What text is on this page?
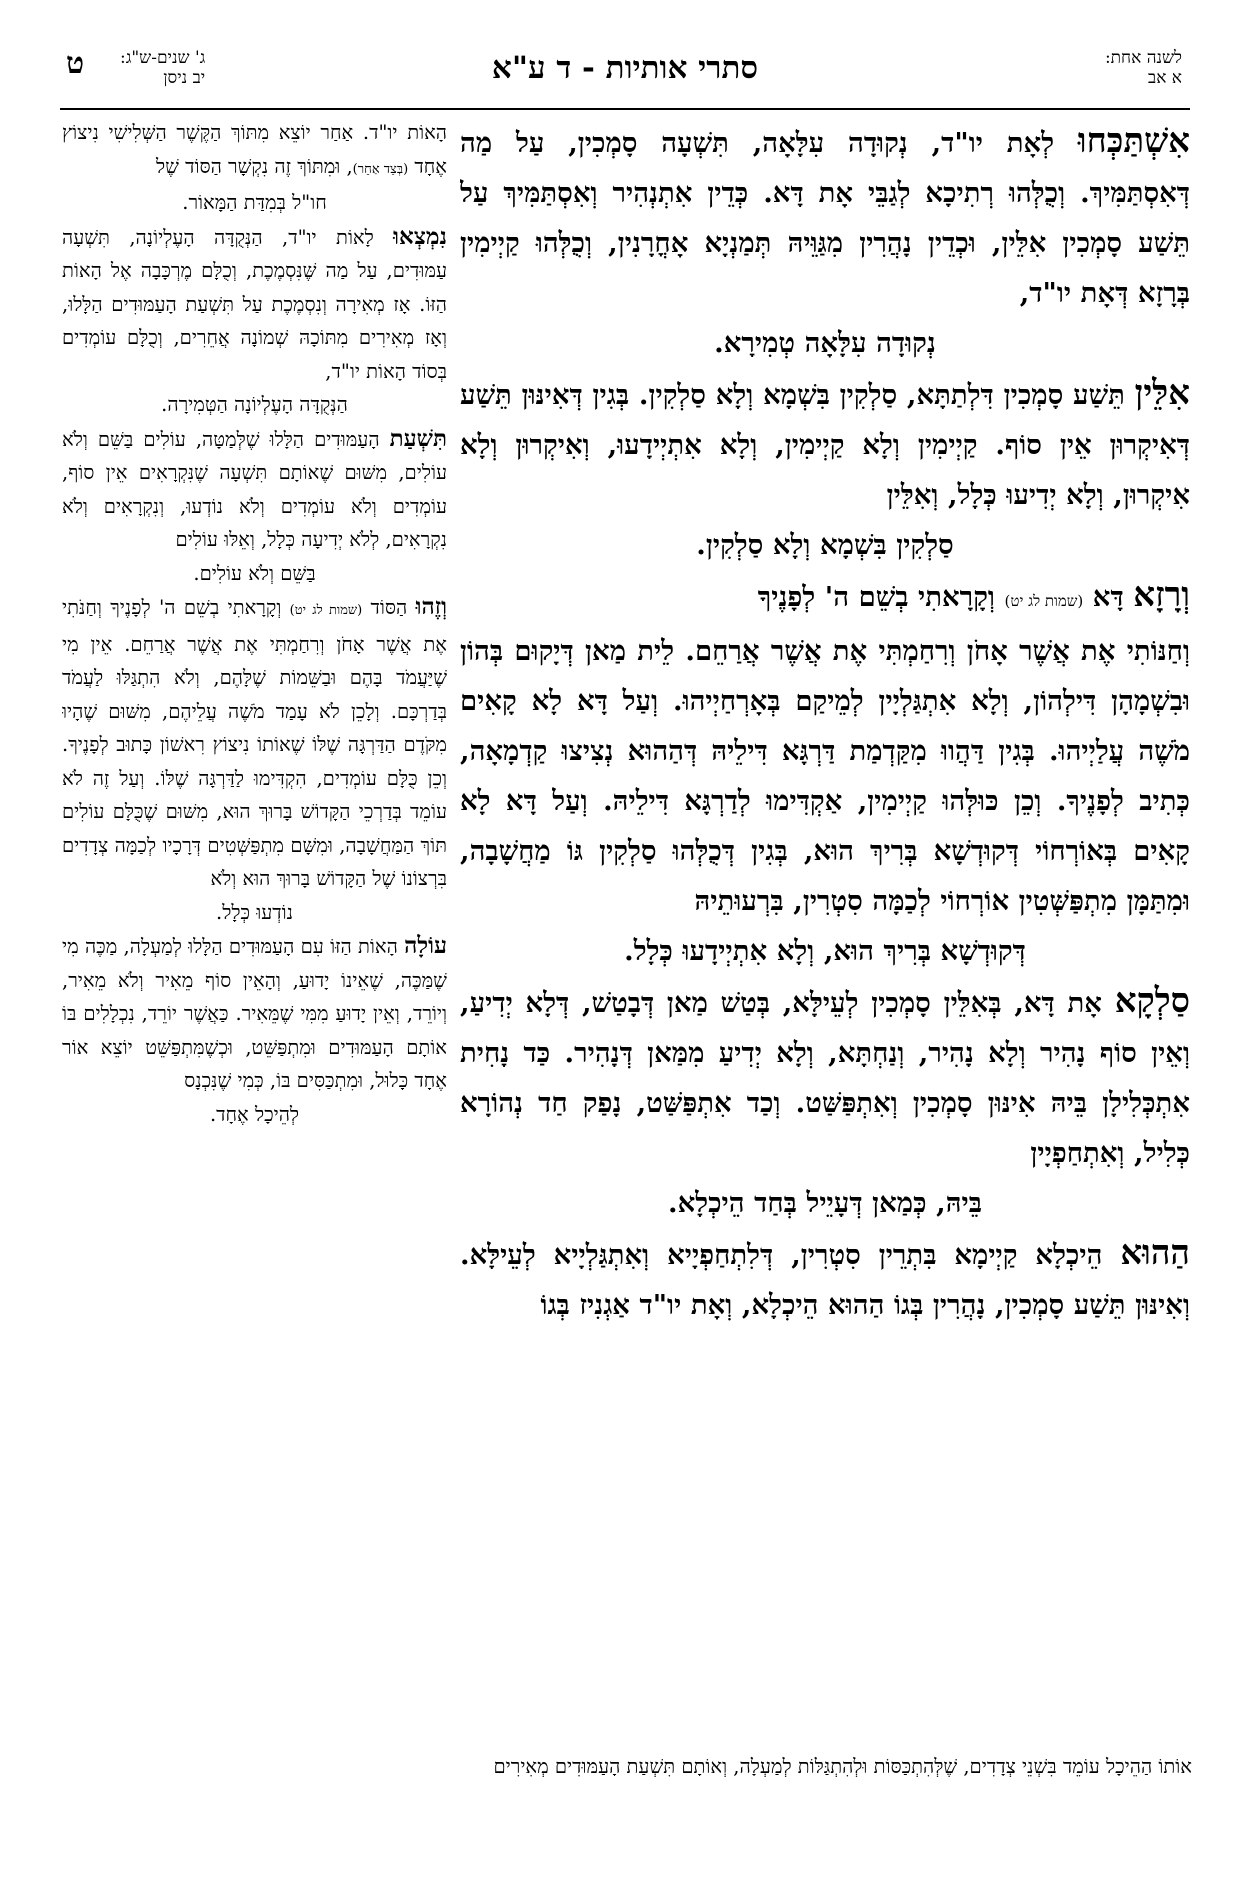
לשנה אחת:
א אב
סתרי אותיות - ד ע"א
ג' שנים-ש"ג:
יב ניסן
ט

אִשְׁתַּכְּחוּ לְאָת יו"ד, נְקוּדָה עִלָּאָה, תִּשְׁעָה סָמְכִין, עַל מַה דְּאִסְתַּמִּיךְ. וְכֻלְּהוּ רְתִיכָא לְגַבֵּי אָת דָּא. כְּדֵין אִתְנְהִיר וְאִסְתַּמִּיךְ עַל תֵּשַׁע סָמְכִין אִלֵּין, וּכְדֵין נָהֲרִין מִגַּוֵּיהּ תְּמַנְיָא אָחֳרָנִין, וְכֻלְּהוּ קַיְימִין בְּרָזָא דְּאָת יו"ד,

נְקוּדָה עִלָּאָה טְמִירָא.

אִלֵּין תֵּשַׁע סָמְכִין דִּלְתַתָּא, סַלְקִין בִּשְׁמָא וְלָא סַלְקִין. בְּגִין דְּאִינּוּן תֵּשַׁע דְּאִיקְרוּן אֵין סוֹף. קַיְימִין וְלָא קַיְימִין, וְלָא אִתְיְידָעוּ, וְאִיקְרוּן וְלָא אִיקְרוּן, וְלָא יְדִיעוּ כְּלָל, וְאִלֵּין

סַלְקִין בִּשְׁמָא וְלָא סַלְקִין.

וְרָזָא דָּא (שמות לג יט) וְקָרָאתִי בְשֵׁם ה' לְפָנֶיךָ

וְחַנּוֹתִי אֶת אֲשֶׁר אָחֹן וְרִחַמְתִּי אֶת אֲשֶׁר אֲרַחֵם. לֵית מַאן דְּיָקוּם בְּהוֹן וּבִשְׁמָהָן דִּילְהוֹן, וְלָא אִתְגַּלְיָין לְמֵיקַם בְּאָרְחַיְיהוּ. וְעַל דָּא לָא קָאִים מֹשֶׁה עֲלַיְיהוּ. בְּגִין דַּהֲווּ מִקַּדְמַת דַּרְגָּא דִּילֵיהּ דְּהַהוּא נְצִיצוּ קַדְמָאָה, כְּתִיב לְפָנֶיךָ. וְכֵן כּוּלְּהוּ קַיְימִין, אַקְדִּימוּ לְדַרְגָּא דִּילֵיהּ. וְעַל דָּא לָא קָאִים בְּאוֹרְחוֹי דְּקוּדְשָׁא בְּרִיךְ הוּא, בְּגִין דְּכֻלְּהוּ סַלְקִין גּוֹ מַחֲשָׁבָה, וּמִתַּמָּן מִתְפַּשְּׁטִין אוֹרְחוֹי לְכַמָּה סִטְרִין, בִּרְעוּתֵיהּ

דְּקוּדְשָׁא בְּרִיךְ הוּא, וְלָא אִתְיְידָעוּ כְּלָל.

סַלְקָא אָת דָּא, בְּאִלֵּין סָמְכִין לְעֵילָּא, בְּטַשׁ מַאן דְּבָטַשׁ, דְּלָא יְדִיעַ, וְאֵין סוֹף נָהִיר וְלָא נָהִיר, וְנַחְתָּא, וְלָא יְדִיעַ מִמַּאן דְּנָהִיר. כַּד נָחִית אִתְכְּלִילָן בֵּיהּ אִינּוּן סָמְכִין וְאִתְפַּשַּׁט. וְכַד אִתְפַּשַּׁט, נָפַק חַד נְהוֹרָא כְּלִיל, וְאִתְחַפְיָין

בֵּיהּ, כְּמַאן דְּעָיֵיל בְּחַד הֵיכְלָא.

הַהוּא הֵיכְלָא קַיְימָא בִּתְרֵין סִטְרִין, דְּלִתְחַפְיָיא וְאִתְגַּלְיָיא לְעֵילָּא. וְאִינּוּן תֵּשַׁע סָמְכִין, נָהֲרִין בְּגוֹ הַהוּא הֵיכְלָא, וְאָת יו"ד אַגְנִיז בְּגוֹ

הָאוֹת יו"ד. אַחַר יוֹצֵא מִתּוֹךְ הַקֶּשֶׁר הַשְּׁלִישִׁי נִיצוֹץ אֶחָד (בְּצַד אַחֵר), וּמִתּוֹךְ זֶה נִקְשָׁר הַסּוֹד שֶׁל

חו"ל בְּמִדַּת הַמָּאוֹר.

נִמְצְאוּ לָאוֹת יו"ד, הַנְּקֻדָּה הָעֶלְיוֹנָה, תִּשְׁעָה עַמּוּדִים, עַל מַה שֶּׁנִּסְמֶכֶת, וְכֻלָּם מֶרְכָּבָה אֶל הָאוֹת הַזּוֹ. אָז מְאִירָה וְנִסְמֶכֶת עַל תִּשְׁעַת הָעַמּוּדִים הַלָּלוּ, וְאָז מְאִירִים מִתּוֹכָהּ שְׁמוֹנָה אֲחֵרִים, וְכֻלָּם עוֹמְדִים בְּסוֹד הָאוֹת יו"ד,

הַנְּקֻדָּה הָעֶלְיוֹנָה הַטְּמִירָה.

תִּשְׁעַת הָעַמּוּדִים הַלָּלוּ שֶׁלְּמַטָּה, עוֹלִים בַּשֵּׁם וְלֹא עוֹלִים, מִשּׁוּם שֶׁאוֹתָם תִּשְׁעָה שֶׁנִּקְרָאִים אֵין סוֹף, עוֹמְדִים וְלֹא עוֹמְדִים וְלֹא נוֹדְעוּ, וְנִקְרָאִים וְלֹא נִקְרָאִים, לְלֹא יְדִיעָה כְּלָל, וְאֵלּוּ עוֹלִים

בַּשֵּׁם וְלֹא עוֹלִים.

וְזֶהוּ הַסּוֹד (שמות לג יט) וְקָרָאתִי בְשֵׁם ה' לְפָנֶיךָ וְחַנֹּתִי אֶת אֲשֶׁר אָחֹן וְרִחַמְתִּי אֶת אֲשֶׁר אֲרַחֵם. אֵין מִי שֶׁיַּעֲמֹד בָּהֶם וּבַשֵּׁמוֹת שֶׁלָּהֶם, וְלֹא הִתְגַּלּוּ לַעֲמֹד בְּדַרְכָּם. וְלָכֵן לֹא עָמַד מֹשֶׁה עֲלֵיהֶם, מִשּׁוּם שֶׁהָיוּ מִקֹּדֶם הַדַּרְגָּה שֶׁלּוֹ שֶׁאוֹתוֹ נִיצוֹץ רִאשׁוֹן כָּתוּב לְפָנֶיךָ. וְכֵן כֻּלָּם עוֹמְדִים, הִקְדִּימוּ לַדַּרְגָּה שֶׁלּוֹ. וְעַל זֶה לֹא עוֹמֵד בְּדַרְכֵי הַקָּדוֹשׁ בָּרוּךְ הוּא, מִשּׁוּם שֶׁכֻּלָּם עוֹלִים תּוֹךְ הַמַּחֲשָׁבָה, וּמִשָּׁם מִתְפַּשְּׁטִים דְּרָכָיו לְכַמָּה צְדָדִים בִּרְצוֹנוֹ שֶׁל הַקָּדוֹשׁ בָּרוּךְ הוּא וְלֹא

נוֹדְעוּ כְּלָל.

עוֹלָה הָאוֹת הַזּוֹ עִם הָעַמּוּדִים הַלָּלוּ לְמַעְלָה, מַכֶּה מִי שֶׁמַּכֶּה, שֶׁאֵינוֹ יָדוּעַ, וְהָאֵין סוֹף מֵאִיר וְלֹא מֵאִיר, וְיוֹרֵד, וְאֵין יָדוּעַ מִמִּי שֶׁמֵּאִיר. כַּאֲשֶׁר יוֹרֵד, נִכְלָלִים בּוֹ אוֹתָם הָעַמּוּדִים וּמִתְפַּשֵּׁט, וּכְשֶׁמִּתְפַּשֵּׁט יוֹצֵא אוֹר אֶחָד כָּלוּל, וּמִתְכַּסִּים בּוֹ, כְּמִי שֶׁנִּכְנָס

לְהֵיכָל אֶחָד.

אוֹתוֹ הַהֵיכָל עוֹמֵד בִּשְׁנֵי צְדָדִים, שֶׁלְּהִתְכַּסּוֹת וּלְהִתְגַּלּוֹת לְמַעְלָה, וְאוֹתָם תִּשְׁעַת הָעַמּוּדִים מְאִירִים
